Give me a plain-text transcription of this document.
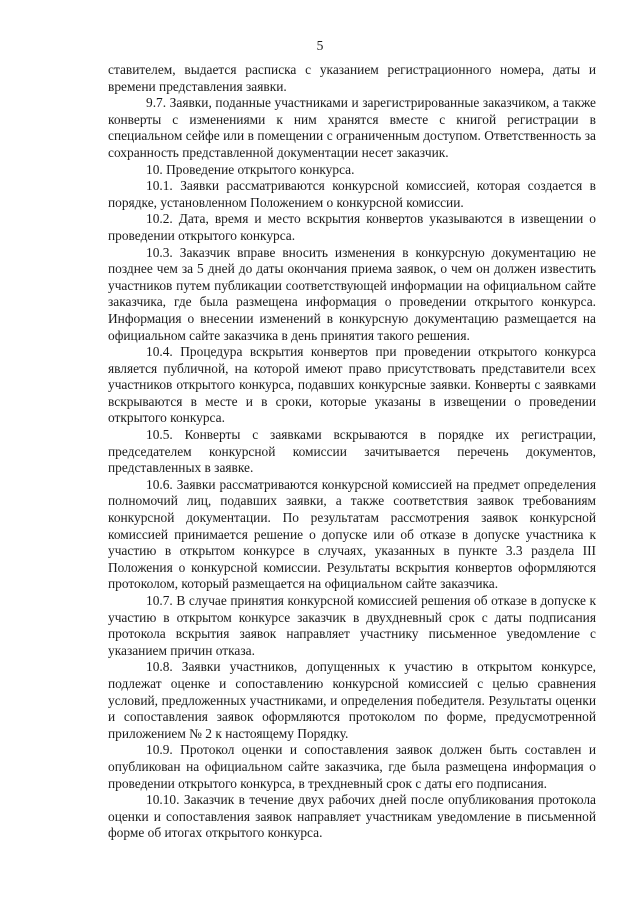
5

ставителем, выдается расписка с указанием регистрационного номера, даты и времени представления заявки.

9.7. Заявки, поданные участниками и зарегистрированные заказчиком, а также конверты с изменениями к ним хранятся вместе с книгой регистрации в специальном сейфе или в помещении с ограниченным доступом. Ответственность за сохранность представленной документации несет заказчик.

10. Проведение открытого конкурса.

10.1. Заявки рассматриваются конкурсной комиссией, которая создается в порядке, установленном Положением о конкурсной комиссии.

10.2. Дата, время и место вскрытия конвертов указываются в извещении о проведении открытого конкурса.

10.3. Заказчик вправе вносить изменения в конкурсную документацию не позднее чем за 5 дней до даты окончания приема заявок, о чем он должен известить участников путем публикации соответствующей информации на официальном сайте заказчика, где была размещена информация о проведении открытого конкурса. Информация о внесении изменений в конкурсную документацию размещается на официальном сайте заказчика в день принятия такого решения.

10.4. Процедура вскрытия конвертов при проведении открытого конкурса является публичной, на которой имеют право присутствовать представители всех участников открытого конкурса, подавших конкурсные заявки. Конверты с заявками вскрываются в месте и в сроки, которые указаны в извещении о проведении открытого конкурса.

10.5. Конверты с заявками вскрываются в порядке их регистрации, председателем конкурсной комиссии зачитывается перечень документов, представленных в заявке.

10.6. Заявки рассматриваются конкурсной комиссией на предмет определения полномочий лиц, подавших заявки, а также соответствия заявок требованиям конкурсной документации. По результатам рассмотрения заявок конкурсной комиссией принимается решение о допуске или об отказе в допуске участника к участию в открытом конкурсе в случаях, указанных в пункте 3.3 раздела III Положения о конкурсной комиссии. Результаты вскрытия конвертов оформляются протоколом, который размещается на официальном сайте заказчика.

10.7. В случае принятия конкурсной комиссией решения об отказе в допуске к участию в открытом конкурсе заказчик в двухдневный срок с даты подписания протокола вскрытия заявок направляет участнику письменное уведомление с указанием причин отказа.

10.8. Заявки участников, допущенных к участию в открытом конкурсе, подлежат оценке и сопоставлению конкурсной комиссией с целью сравнения условий, предложенных участниками, и определения победителя. Результаты оценки и сопоставления заявок оформляются протоколом по форме, предусмотренной приложением № 2 к настоящему Порядку.

10.9. Протокол оценки и сопоставления заявок должен быть составлен и опубликован на официальном сайте заказчика, где была размещена информация о проведении открытого конкурса, в трехдневный срок с даты его подписания.

10.10. Заказчик в течение двух рабочих дней после опубликования протокола оценки и сопоставления заявок направляет участникам уведомление в письменной форме об итогах открытого конкурса.
